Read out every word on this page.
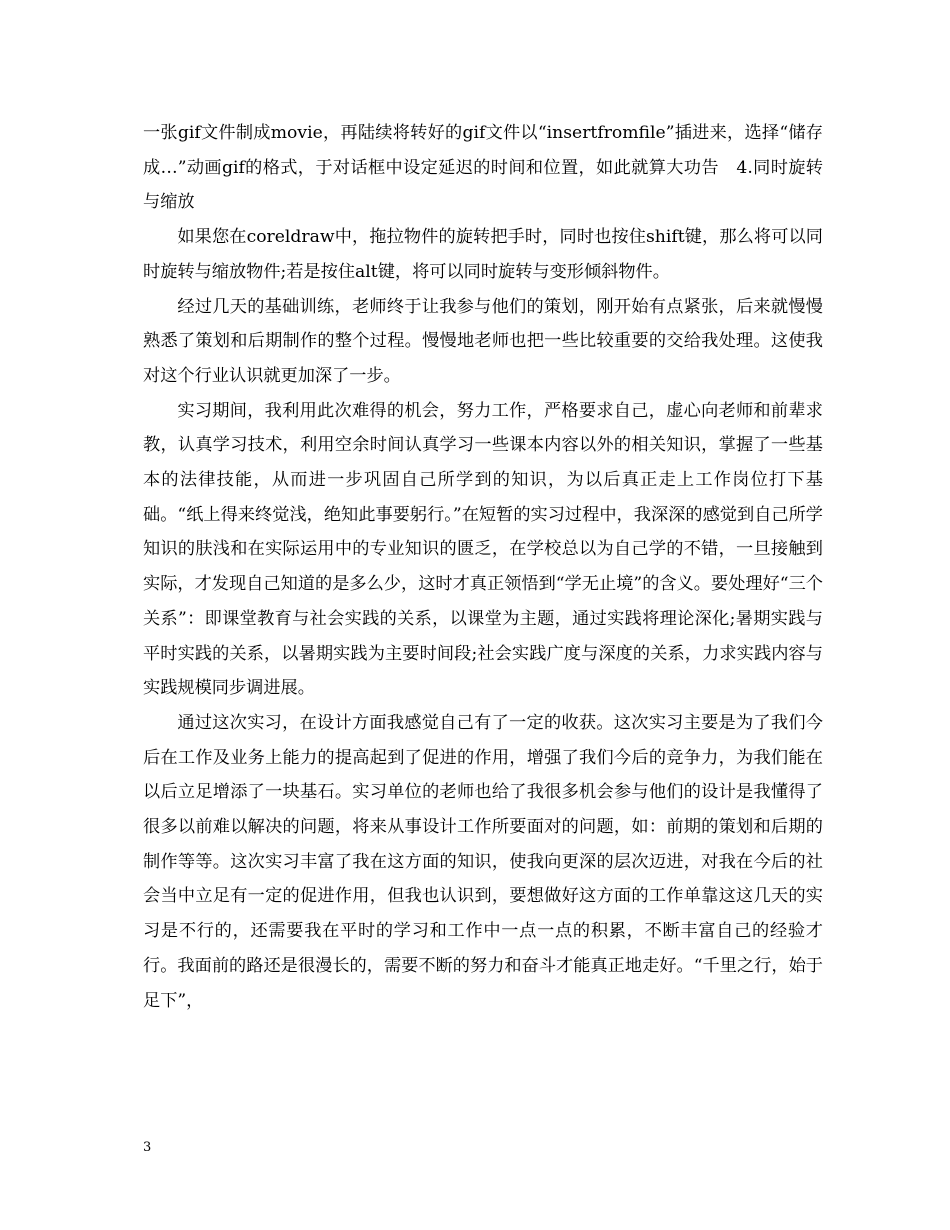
一张gif文件制成movie，再陆续将转好的gif文件以“insertfromfile”插进来，选择“储存成…”动画gif的格式，于对话框中设定延迟的时间和位置，如此就算大功告　4.同时旋转与缩放

如果您在coreldraw中，拖拉物件的旋转把手时，同时也按住shift键，那么将可以同时旋转与缩放物件;若是按住alt键，将可以同时旋转与变形倾斜物件。

经过几天的基础训练，老师终于让我参与他们的策划，刚开始有点紧张，后来就慢慢熟悉了策划和后期制作的整个过程。慢慢地老师也把一些比较重要的交给我处理。这使我对这个行业认识就更加深了一步。

实习期间，我利用此次难得的机会，努力工作，严格要求自己，虚心向老师和前辈求教，认真学习技术，利用空余时间认真学习一些课本内容以外的相关知识，掌握了一些基本的法律技能，从而进一步巩固自己所学到的知识，为以后真正走上工作岗位打下基础。“纸上得来终觉浅，绝知此事要躬行。”在短暂的实习过程中，我深深的感觉到自己所学知识的肤浅和在实际运用中的专业知识的匮乏，在学校总以为自己学的不错，一旦接触到实际，才发现自己知道的是多么少，这时才真正领悟到“学无止境”的含义。要处理好“三个关系”：即课堂教育与社会实践的关系，以课堂为主题，通过实践将理论深化;暑期实践与平时实践的关系，以暑期实践为主要时间段;社会实践广度与深度的关系，力求实践内容与实践规模同步调进展。

通过这次实习，在设计方面我感觉自己有了一定的收获。这次实习主要是为了我们今后在工作及业务上能力的提高起到了促进的作用，增强了我们今后的竞争力，为我们能在以后立足增添了一块基石。实习单位的老师也给了我很多机会参与他们的设计是我懂得了很多以前难以解决的问题，将来从事设计工作所要面对的问题，如：前期的策划和后期的制作等等。这次实习丰富了我在这方面的知识，使我向更深的层次迈进，对我在今后的社会当中立足有一定的促进作用，但我也认识到，要想做好这方面的工作单靠这这几天的实习是不行的，还需要我在平时的学习和工作中一点一点的积累，不断丰富自己的经验才行。我面前的路还是很漫长的，需要不断的努力和奋斗才能真正地走好。“千里之行，始于足下”，

3
